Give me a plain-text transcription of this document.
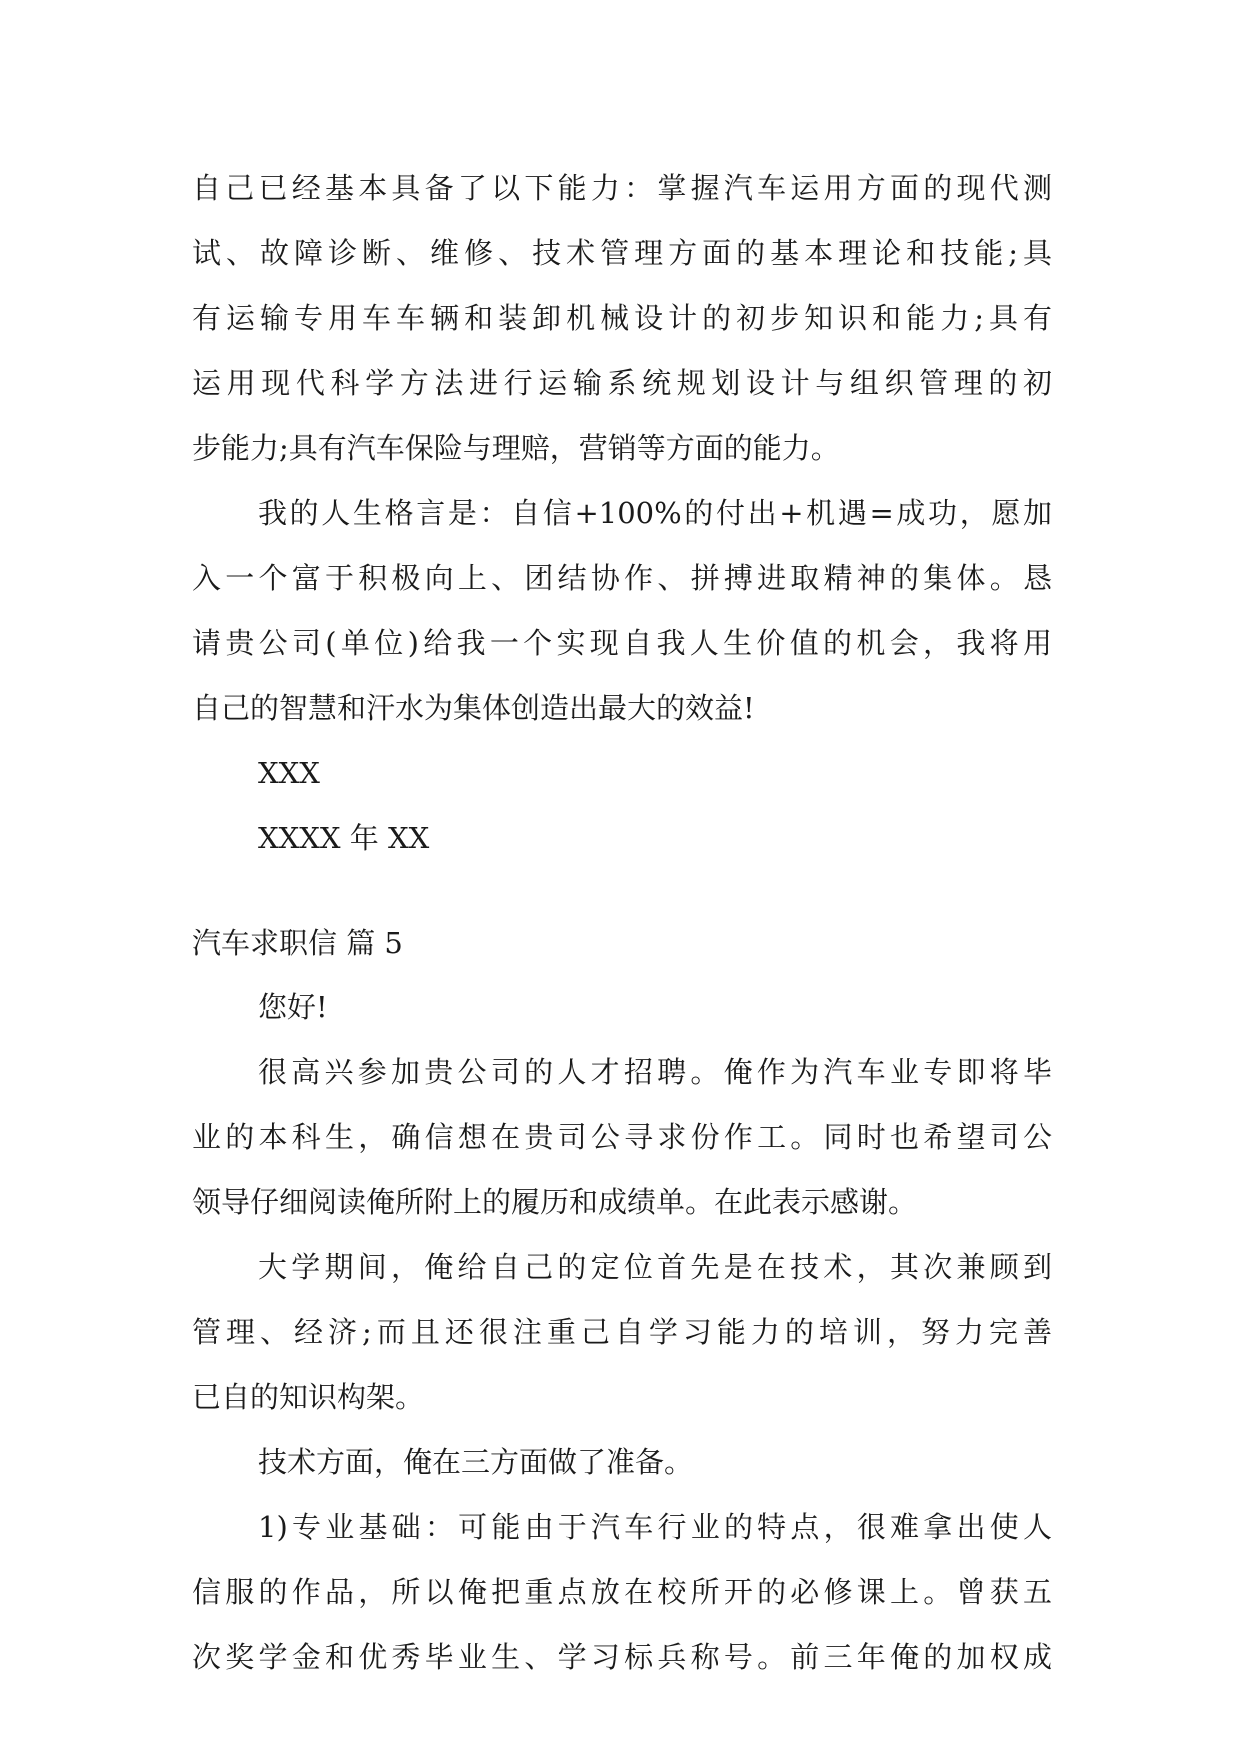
自己已经基本具备了以下能力：掌握汽车运用方面的现代测
试、故障诊断、维修、技术管理方面的基本理论和技能;具
有运输专用车车辆和装卸机械设计的初步知识和能力;具有
运用现代科学方法进行运输系统规划设计与组织管理的初
步能力;具有汽车保险与理赔，营销等方面的能力。
我的人生格言是：自信+100%的付出+机遇=成功，愿加
入一个富于积极向上、团结协作、拼搏进取精神的集体。恳
请贵公司(单位)给我一个实现自我人生价值的机会，我将用
自己的智慧和汗水为集体创造出最大的效益!
XXX
XXXX 年 XX
汽车求职信 篇 5
您好!
很高兴参加贵公司的人才招聘。俺作为汽车业专即将毕
业的本科生，确信想在贵司公寻求份作工。同时也希望司公
领导仔细阅读俺所附上的履历和成绩单。在此表示感谢。
大学期间，俺给自己的定位首先是在技术，其次兼顾到
管理、经济;而且还很注重己自学习能力的培训，努力完善
已自的知识构架。
技术方面，俺在三方面做了准备。
1)专业基础：可能由于汽车行业的特点，很难拿出使人
信服的作品，所以俺把重点放在校所开的必修课上。曾获五
次奖学金和优秀毕业生、学习标兵称号。前三年俺的加权成
